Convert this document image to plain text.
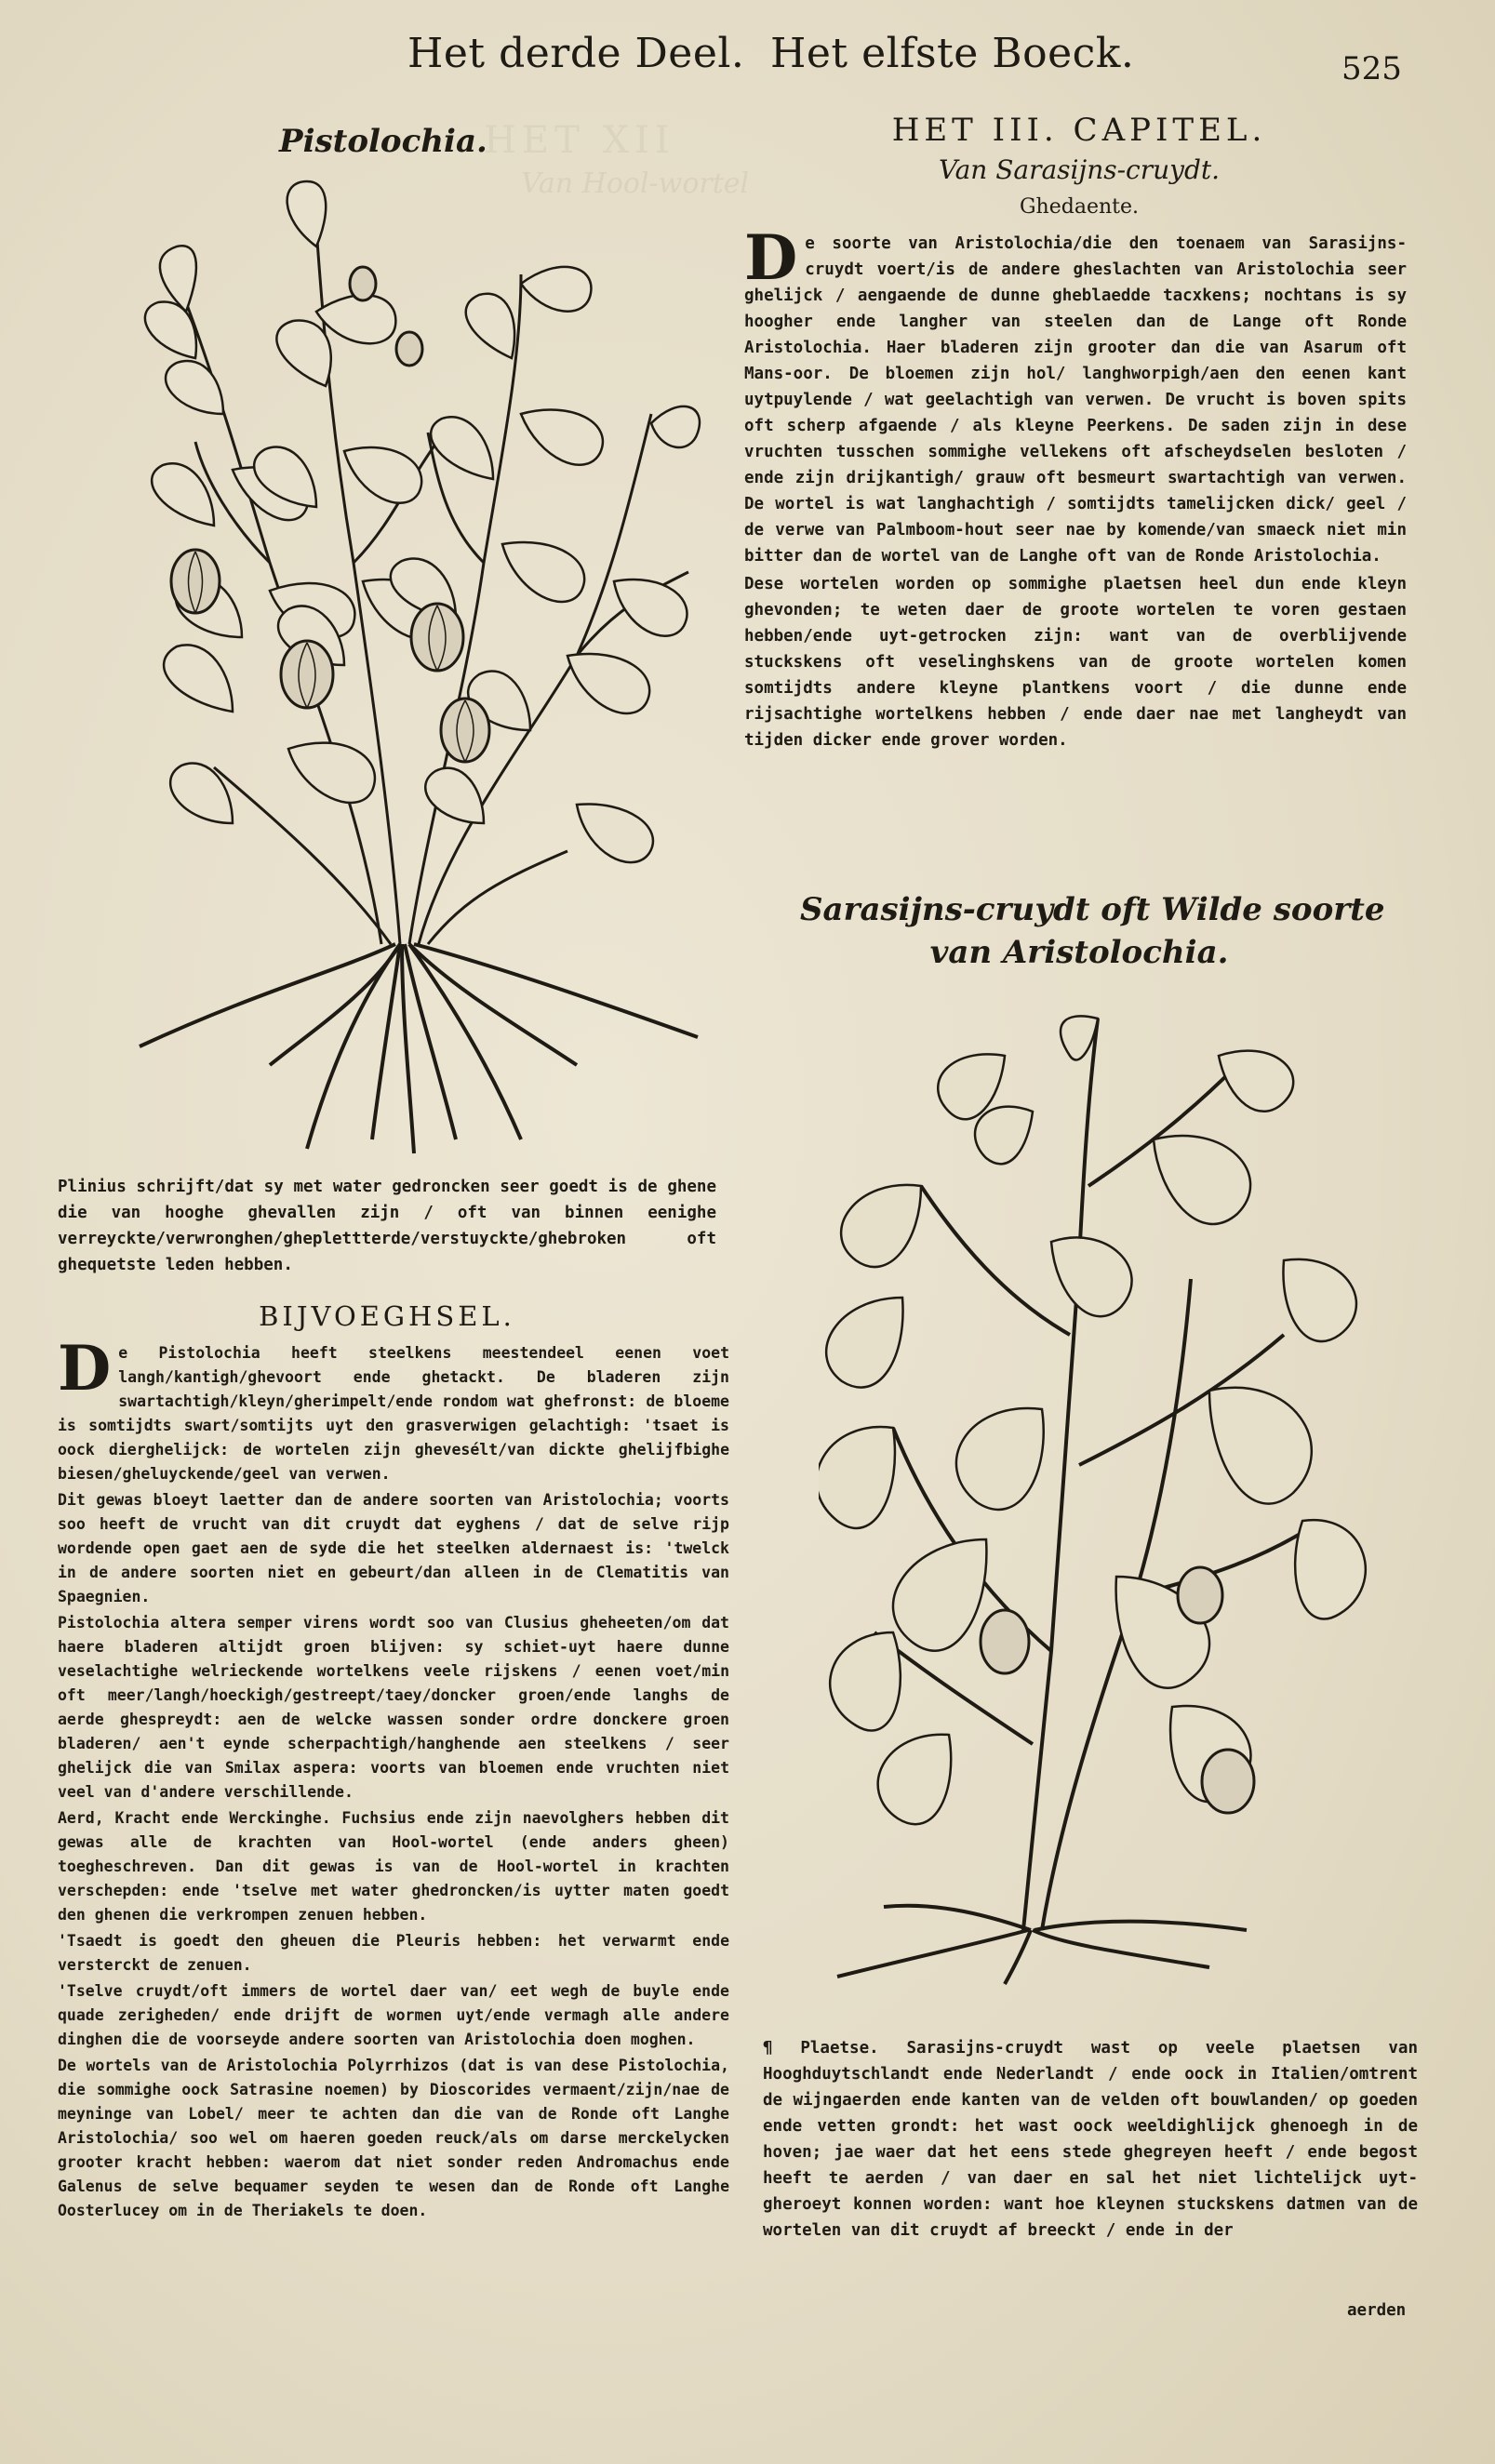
HET XII
Van Hool-wortel
Het derde Deel. Het elfste Boeck.	525
Pistolochia.

Plinius schrijft/dat sy met water gedroncken seer goedt is de ghene die van hooghe ghevallen zijn / oft van binnen eenighe verreyckte/verwronghen/gheplettterde/verstuyckte/ghebroken oft ghequetste leden hebben.

BIJVOEGHSEL.

De Pistolochia heeft steelkens meestendeel eenen voet langh/kantigh/ghevoort ende ghetackt. De bladeren zijn swartachtigh/kleyn/gherimpelt/ende rondom wat ghefronst: de bloeme is somtijdts swart/somtijts uyt den grasverwigen gelachtigh: 'tsaet is oock dierghelijck: de wortelen zijn ghevesélt/van dickte ghelijfbighe biesen/gheluyckende/geel van verwen.

Dit gewas bloeyt laetter dan de andere soorten van Aristolochia; voorts soo heeft de vrucht van dit cruydt dat eyghens / dat de selve rijp wordende open gaet aen de syde die het steelken aldernaest is: 'twelck in de andere soorten niet en gebeurt/dan alleen in de Clematitis van Spaegnien.

Pistolochia altera semper virens wordt soo van Clusius gheheeten/om dat haere bladeren altijdt groen blijven: sy schiet-uyt haere dunne veselachtighe welrieckende wortelkens veele rijskens / eenen voet/min oft meer/langh/hoeckigh/gestreept/taey/doncker groen/ende langhs de aerde ghespreydt: aen de welcke wassen sonder ordre donckere groen bladeren/ aen't eynde scherpachtigh/hanghende aen steelkens / seer ghelijck die van Smilax aspera: voorts van bloemen ende vruchten niet veel van d'andere verschillende.

Aerd, Kracht ende Werckinghe. Fuchsius ende zijn naevolghers hebben dit gewas alle de krachten van Hool-wortel (ende anders gheen) toegheschreven. Dan dit gewas is van de Hool-wortel in krachten verschepden: ende 'tselve met water ghedroncken/is uytter maten goedt den ghenen die verkrompen zenuen hebben.

'Tsaedt is goedt den gheuen die Pleuris hebben: het verwarmt ende versterckt de zenuen.

'Tselve cruydt/oft immers de wortel daer van/ eet wegh de buyle ende quade zerigheden/ ende drijft de wormen uyt/ende vermagh alle andere dinghen die de voorseyde andere soorten van Aristolochia doen moghen.

De wortels van de Aristolochia Polyrrhizos (dat is van dese Pistolochia, die sommighe oock Satrasine noemen) by Dioscorides vermaent/zijn/nae de meyninge van Lobel/ meer te achten dan die van de Ronde oft Langhe Aristolochia/ soo wel om haeren goeden reuck/als om darse merckelycken grooter kracht hebben: waerom dat niet sonder reden Andromachus ende Galenus de selve bequamer seyden te wesen dan de Ronde oft Langhe Oosterlucey om in de Theriakels te doen.

HET III. CAPITEL.
Van Sarasijns-cruydt.
Ghedaente.

De soorte van Aristolochia/die den toenaem van Sarasijns-cruydt voert/is de andere gheslachten van Aristolochia seer ghelijck / aengaende de dunne gheblaedde tacxkens; nochtans is sy hoogher ende langher van steelen dan de Lange oft Ronde Aristolochia. Haer bladeren zijn grooter dan die van Asarum oft Mans-oor. De bloemen zijn hol/ langhworpigh/aen den eenen kant uytpuylende / wat geelachtigh van verwen. De vrucht is boven spits oft scherp afgaende / als kleyne Peerkens. De saden zijn in dese vruchten tusschen sommighe vellekens oft afscheydselen besloten / ende zijn drijkantigh/ grauw oft besmeurt swartachtigh van verwen. De wortel is wat langhachtigh / somtijdts tamelijcken dick/ geel / de verwe van Palmboom-hout seer nae by komende/van smaeck niet min bitter dan de wortel van de Langhe oft van de Ronde Aristolochia.

Dese wortelen worden op sommighe plaetsen heel dun ende kleyn ghevonden; te weten daer de groote wortelen te voren gestaen hebben/ende uyt-getrocken zijn: want van de overblijvende stuckskens oft veselinghskens van de groote wortelen komen somtijdts andere kleyne plantkens voort / die dunne ende rijsachtighe wortelkens hebben / ende daer nae met langheydt van tijden dicker ende grover worden.

Sarasijns-cruydt oft Wilde soorte
van Aristolochia.

¶ Plaetse. Sarasijns-cruydt wast op veele plaetsen van Hooghduytschlandt ende Nederlandt / ende oock in Italien/omtrent de wijngaerden ende kanten van de velden oft bouwlanden/ op goeden ende vetten grondt: het wast oock weeldighlijck ghenoegh in de hoven; jae waer dat het eens stede ghegreyen heeft / ende begost heeft te aerden / van daer en sal het niet lichtelijck uyt-gheroeyt konnen worden: want hoe kleynen stuckskens datmen van de wortelen van dit cruydt af breeckt / ende in der

aerden
